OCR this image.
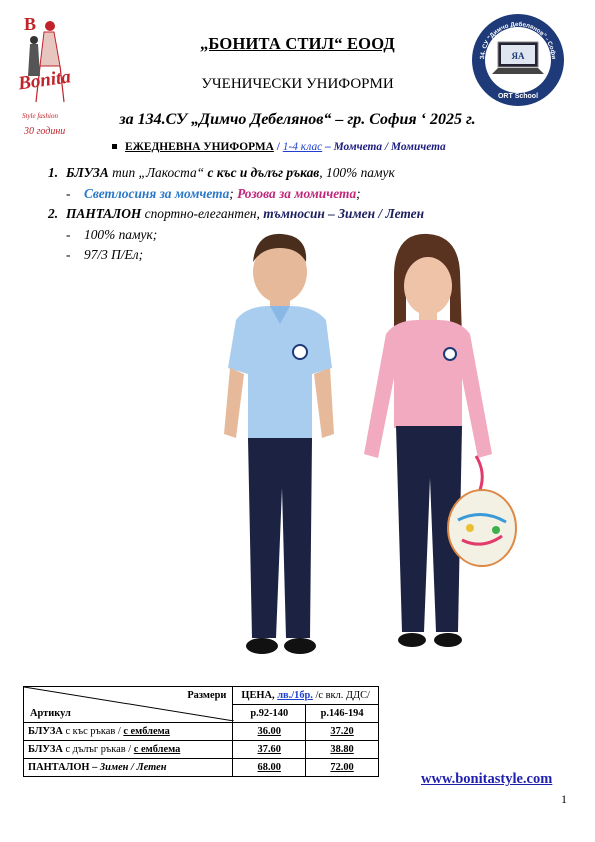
B
Bonita
Style fashion
30 години
ЯА
34. СУ "Димчо Дебелянов" - Софи
ORT School
„БОНИТА СТИЛ“ ЕООД
УЧЕНИЧЕСКИ УНИФОРМИ
за 134.СУ „Димчо Дебелянов“ – гр. София ‘ 2025 г.
ЕЖЕДНЕВНА УНИФОРМА / 1-4 клас – Момчета / Момичета
1. БЛУЗА тип „Лакоста“ с къс и дълъг ръкав, 100% памук
- Светлосиня за момчета; Розова за момичета;
2. ПАНТАЛОН спортно-елегантен, тъмносин – Зимен / Летен
- 100% памук;
- 97/3 П/Ел;
Размери
Артикул	ЦЕНА, лв./1бр. /с вкл. ДДС/	
	р.92-140	р.146-194
БЛУЗА с къс ръкав / с емблема	36.00	37.20
БЛУЗА с дълъг ръкав / с емблема	37.60	38.80
ПАНТАЛОН – Зимен / Летен	68.00	72.00
www.bonitastyle.com
1
